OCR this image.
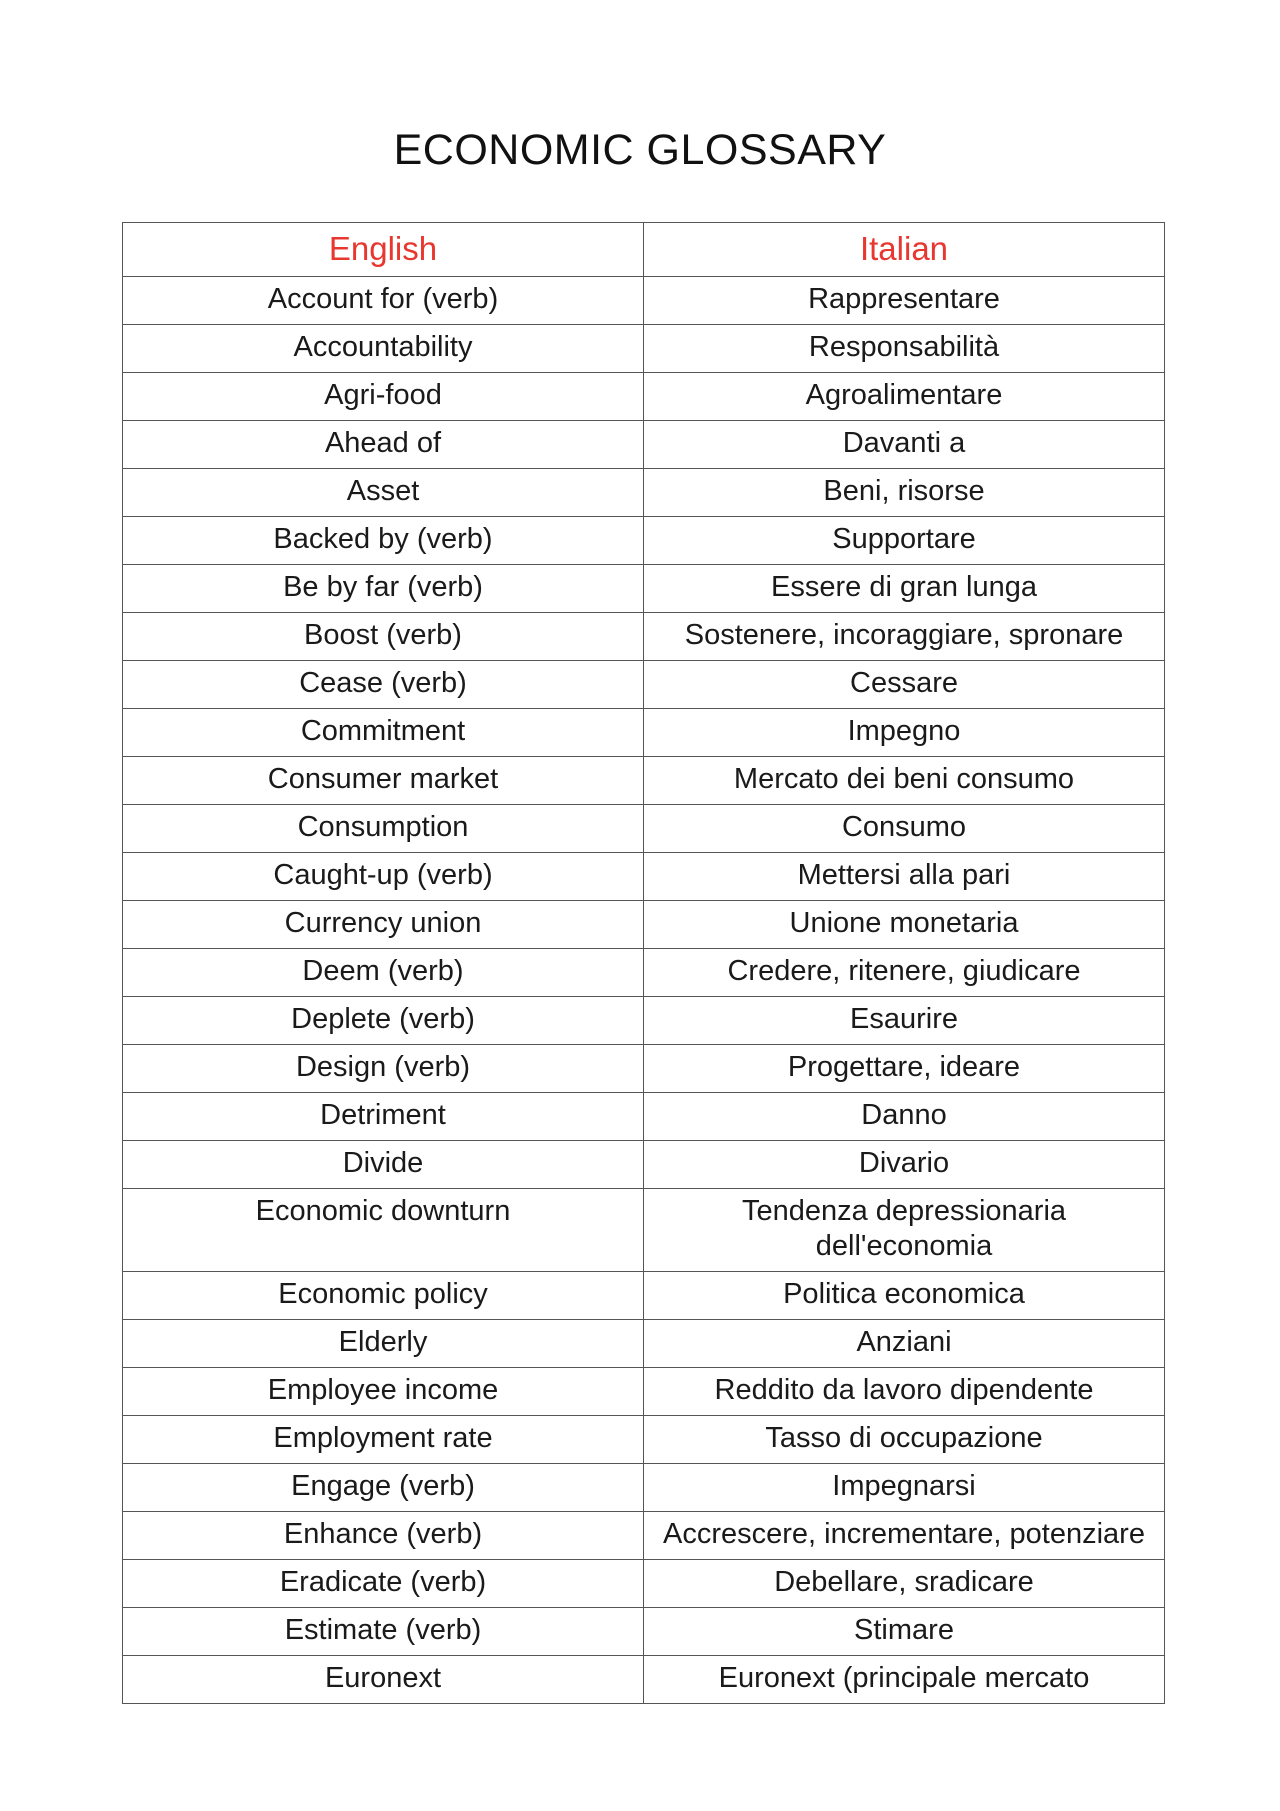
ECONOMIC GLOSSARY
English	Italian
Account for (verb)	Rappresentare
Accountability	Responsabilità
Agri-food	Agroalimentare
Ahead of	Davanti a
Asset	Beni, risorse
Backed by (verb)	Supportare
Be by far (verb)	Essere di gran lunga
Boost (verb)	Sostenere, incoraggiare, spronare
Cease (verb)	Cessare
Commitment	Impegno
Consumer market	Mercato dei beni consumo
Consumption	Consumo
Caught-up (verb)	Mettersi alla pari
Currency union	Unione monetaria
Deem (verb)	Credere, ritenere, giudicare
Deplete (verb)	Esaurire
Design (verb)	Progettare, ideare
Detriment	Danno
Divide	Divario
Economic downturn	Tendenza depressionaria dell'economia
Economic policy	Politica economica
Elderly	Anziani
Employee income	Reddito da lavoro dipendente
Employment rate	Tasso di occupazione
Engage (verb)	Impegnarsi
Enhance (verb)	Accrescere, incrementare, potenziare
Eradicate (verb)	Debellare, sradicare
Estimate (verb)	Stimare
Euronext	Euronext (principale mercato
